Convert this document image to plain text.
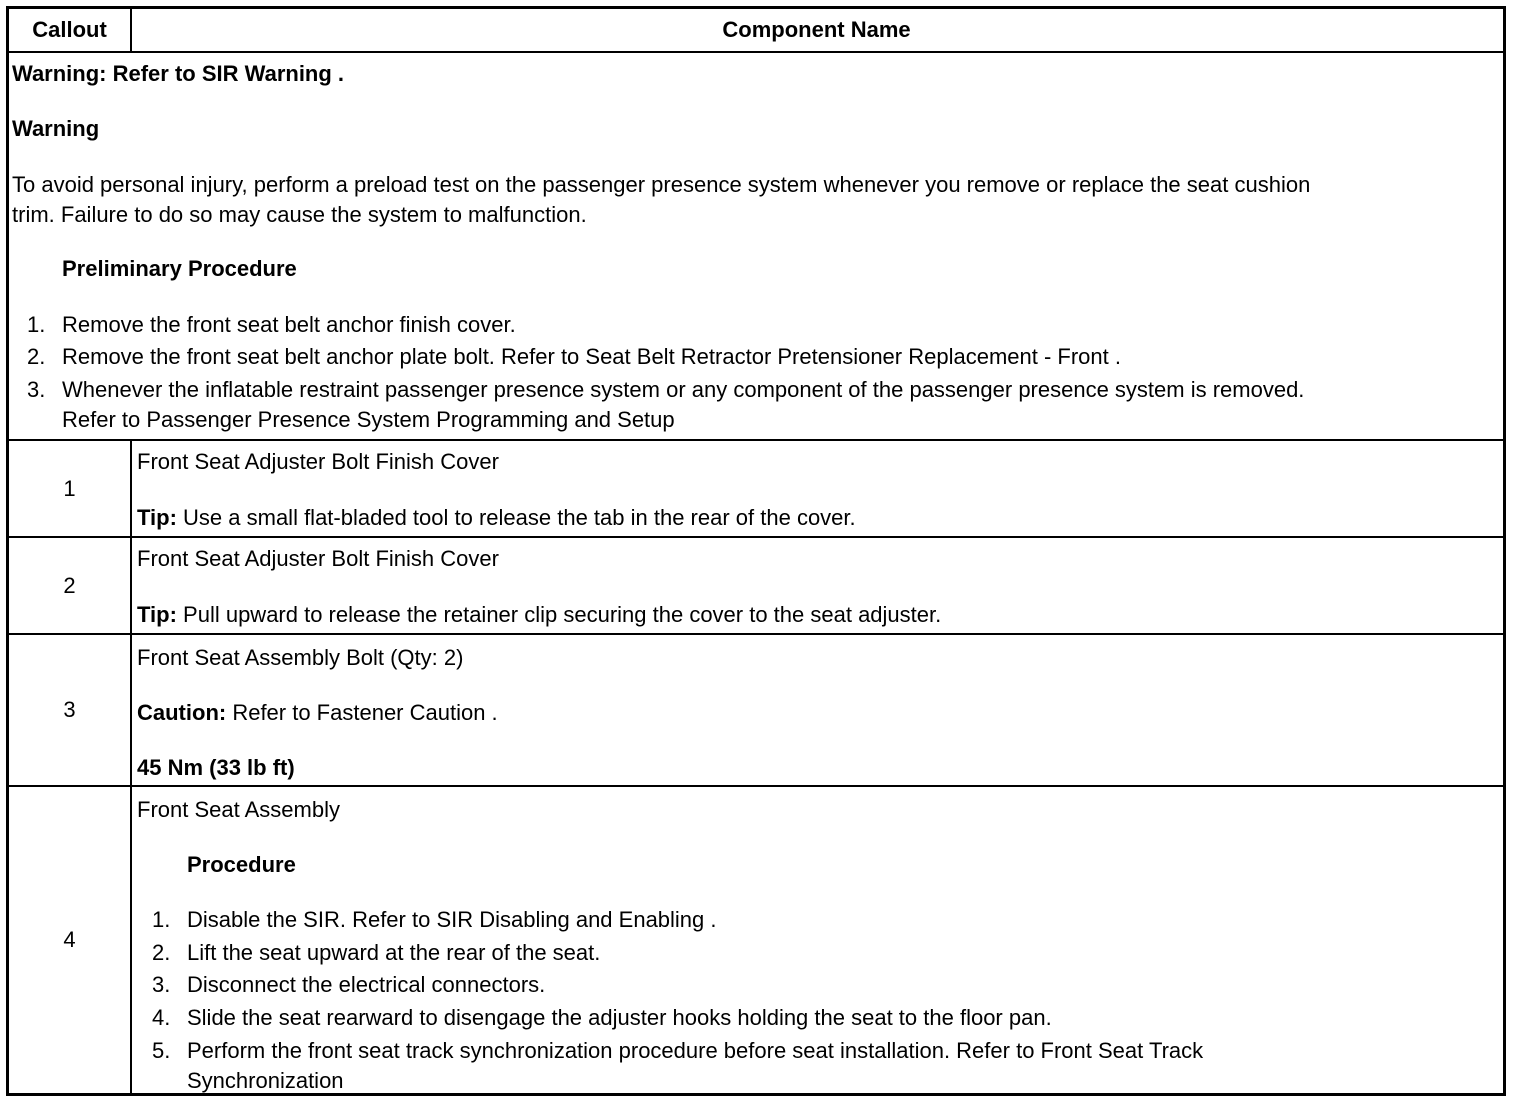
Callout	Component Name
Warning: Refer to SIR Warning .
Warning
To avoid personal injury, perform a preload test on the passenger presence system whenever you remove or replace the seat cushion
trim. Failure to do so may cause the system to malfunction.
Preliminary Procedure
1. Remove the front seat belt anchor finish cover.
2. Remove the front seat belt anchor plate bolt. Refer to Seat Belt Retractor Pretensioner Replacement - Front .
3. Whenever the inflatable restraint passenger presence system or any component of the passenger presence system is removed.
Refer to Passenger Presence System Programming and Setup
1
Front Seat Adjuster Bolt Finish Cover
Tip: Use a small flat-bladed tool to release the tab in the rear of the cover.
2
Front Seat Adjuster Bolt Finish Cover
Tip: Pull upward to release the retainer clip securing the cover to the seat adjuster.
3
Front Seat Assembly Bolt (Qty: 2)
Caution: Refer to Fastener Caution .
45 Nm (33 lb ft)
4
Front Seat Assembly
Procedure
1. Disable the SIR. Refer to SIR Disabling and Enabling .
2. Lift the seat upward at the rear of the seat.
3. Disconnect the electrical connectors.
4. Slide the seat rearward to disengage the adjuster hooks holding the seat to the floor pan.
5. Perform the front seat track synchronization procedure before seat installation. Refer to Front Seat Track
Synchronization
